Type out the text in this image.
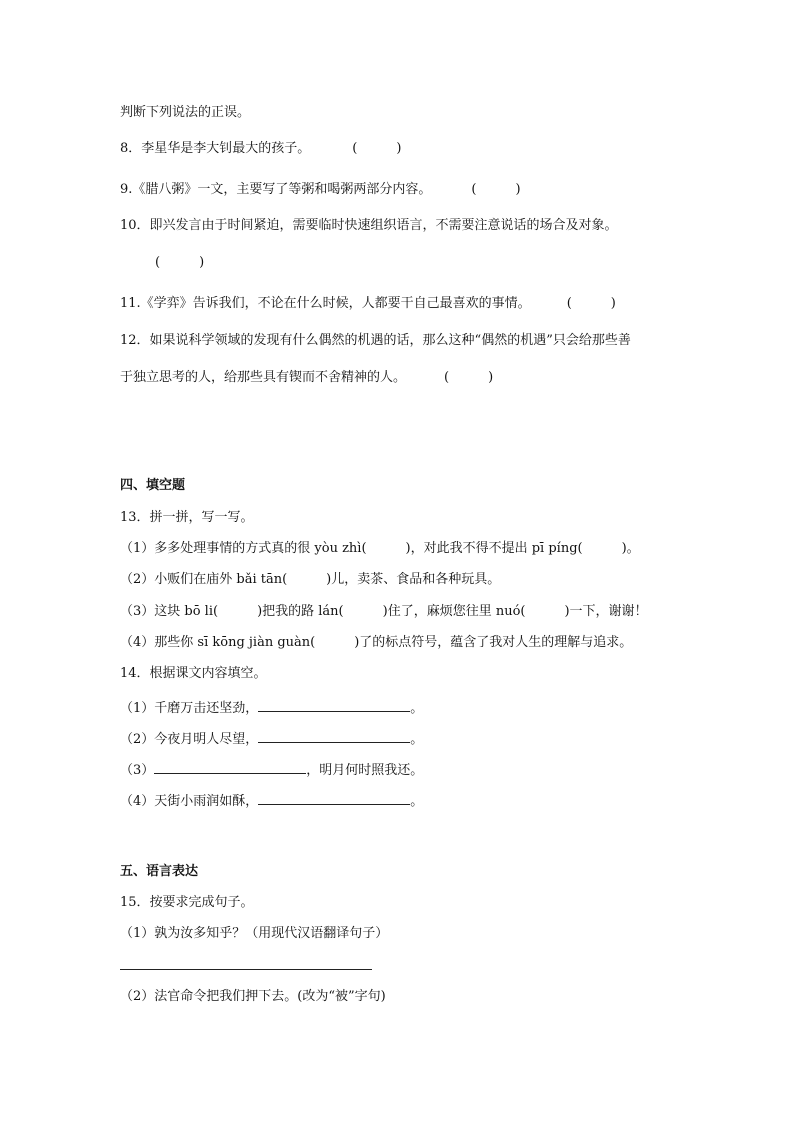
判断下列说法的正误。
8．李星华是李大钊最大的孩子。	(　　　)
9.《腊八粥》一文，主要写了等粥和喝粥两部分内容。	(　　　)
10．即兴发言由于时间紧迫，需要临时快速组织语言，不需要注意说话的场合及对象。
(　　　)
11.《学弈》告诉我们，不论在什么时候，人都要干自己最喜欢的事情。	(　　　)
12．如果说科学领域的发现有什么偶然的机遇的话，那么这种“偶然的机遇”只会给那些善
于独立思考的人，给那些具有锲而不舍精神的人。	(　　　)
四、填空题
13．拼一拼，写一写。
（1）多多处理事情的方式真的很 yòu zhì(　　　)，对此我不得不提出 pī píng(　　　)。
（2）小贩们在庙外 bǎi tān(　　　)儿，卖茶、食品和各种玩具。
（3）这块 bō li(　　　)把我的路 lán(　　　)住了，麻烦您往里 nuó(　　　)一下，谢谢！
（4）那些你 sī kōng jiàn guàn(　　　)了的标点符号，蕴含了我对人生的理解与追求。
14．根据课文内容填空。
（1）千磨万击还坚劲，	。
（2）今夜月明人尽望，	。
（3）	，明月何时照我还。
（4）天街小雨润如酥，	。
五、语言表达
15．按要求完成句子。
（1）孰为汝多知乎？（用现代汉语翻译句子）
（2）法官命令把我们押下去。(改为“被”字句)
